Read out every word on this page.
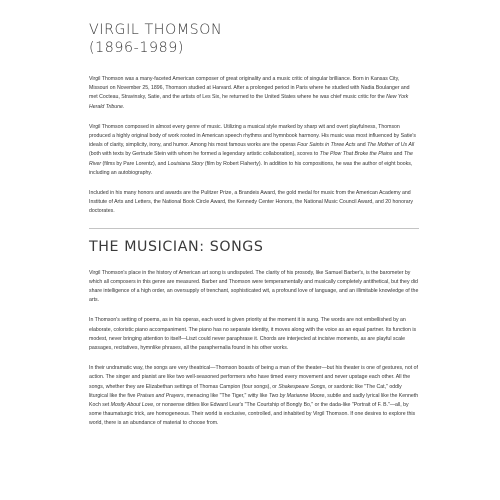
VIRGIL THOMSON
(1896-1989)

Virgil Thomson was a many-faceted American composer of great originality and a music critic of singular brilliance. Born in Kansas City, Missouri on November 25, 1896, Thomson studied at Harvard. After a prolonged period in Paris where he studied with Nadia Boulanger and met Cocteau, Stravinsky, Satie, and the artists of Les Six, he returned to the United States where he was chief music critic for the New York Herald Tribune.

Virgil Thomson composed in almost every genre of music. Utilizing a musical style marked by sharp wit and overt playfulness, Thomson produced a highly original body of work rooted in American speech rhythms and hymnbook harmony. His music was most influenced by Satie's ideals of clarity, simplicity, irony, and humor. Among his most famous works are the operas Four Saints in Three Acts and The Mother of Us All (both with texts by Gertrude Stein with whom he formed a legendary artistic collaboration), scores to The Plow That Broke the Plains and The River (films by Pare Lorentz), and Louisiana Story (film by Robert Flaherty). In addition to his compositions, he was the author of eight books, including an autobiography.

Included in his many honors and awards are the Pulitzer Prize, a Brandeis Award, the gold medal for music from the American Academy and Institute of Arts and Letters, the National Book Circle Award, the Kennedy Center Honors, the National Music Council Award, and 20 honorary doctorates.

THE MUSICIAN: SONGS

Virgil Thomson's place in the history of American art song is undisputed. The clarity of his prosody, like Samuel Barber's, is the barometer by which all composers in this genre are measured. Barber and Thomson were temperamentally and musically completely antithetical, but they did share intelligence of a high order, an oversupply of trenchant, sophisticated wit, a profound love of language, and an illimitable knowledge of the arts.

In Thomson's setting of poems, as in his operas, each word is given priority at the moment it is sung. The words are not embellished by an elaborate, coloristic piano accompaniment. The piano has no separate identity, it moves along with the voice as an equal partner. Its function is modest, never bringing attention to itself—Liszt could never paraphrase it. Chords are interjected at incisive moments, as are playful scale passages, recitatives, hymnlike phrases, all the paraphernalia found in his other works.

In their undramatic way, the songs are very theatrical—Thomson boasts of being a man of the theater—but his theater is one of gestures, not of action. The singer and pianist are like two well-seasoned performers who have timed every movement and never upstage each other. All the songs, whether they are Elizabethan settings of Thomas Campion (four songs), or Shakespeare Songs, or sardonic like "The Cat," oddly liturgical like the five Praises and Prayers, menacing like "The Tiger," witty like Two by Marianne Moore, subtle and sadly lyrical like the Kenneth Koch set Mostly About Love, or nonsense ditties like Edward Lear's "The Courtship of Bongly Bo," or the dada-like "Portrait of F. B."—all, by some thaumaturgic trick, are homogeneous. Their world is exclusive, controlled, and inhabited by Virgil Thomson. If one desires to explore this world, there is an abundance of material to choose from.
